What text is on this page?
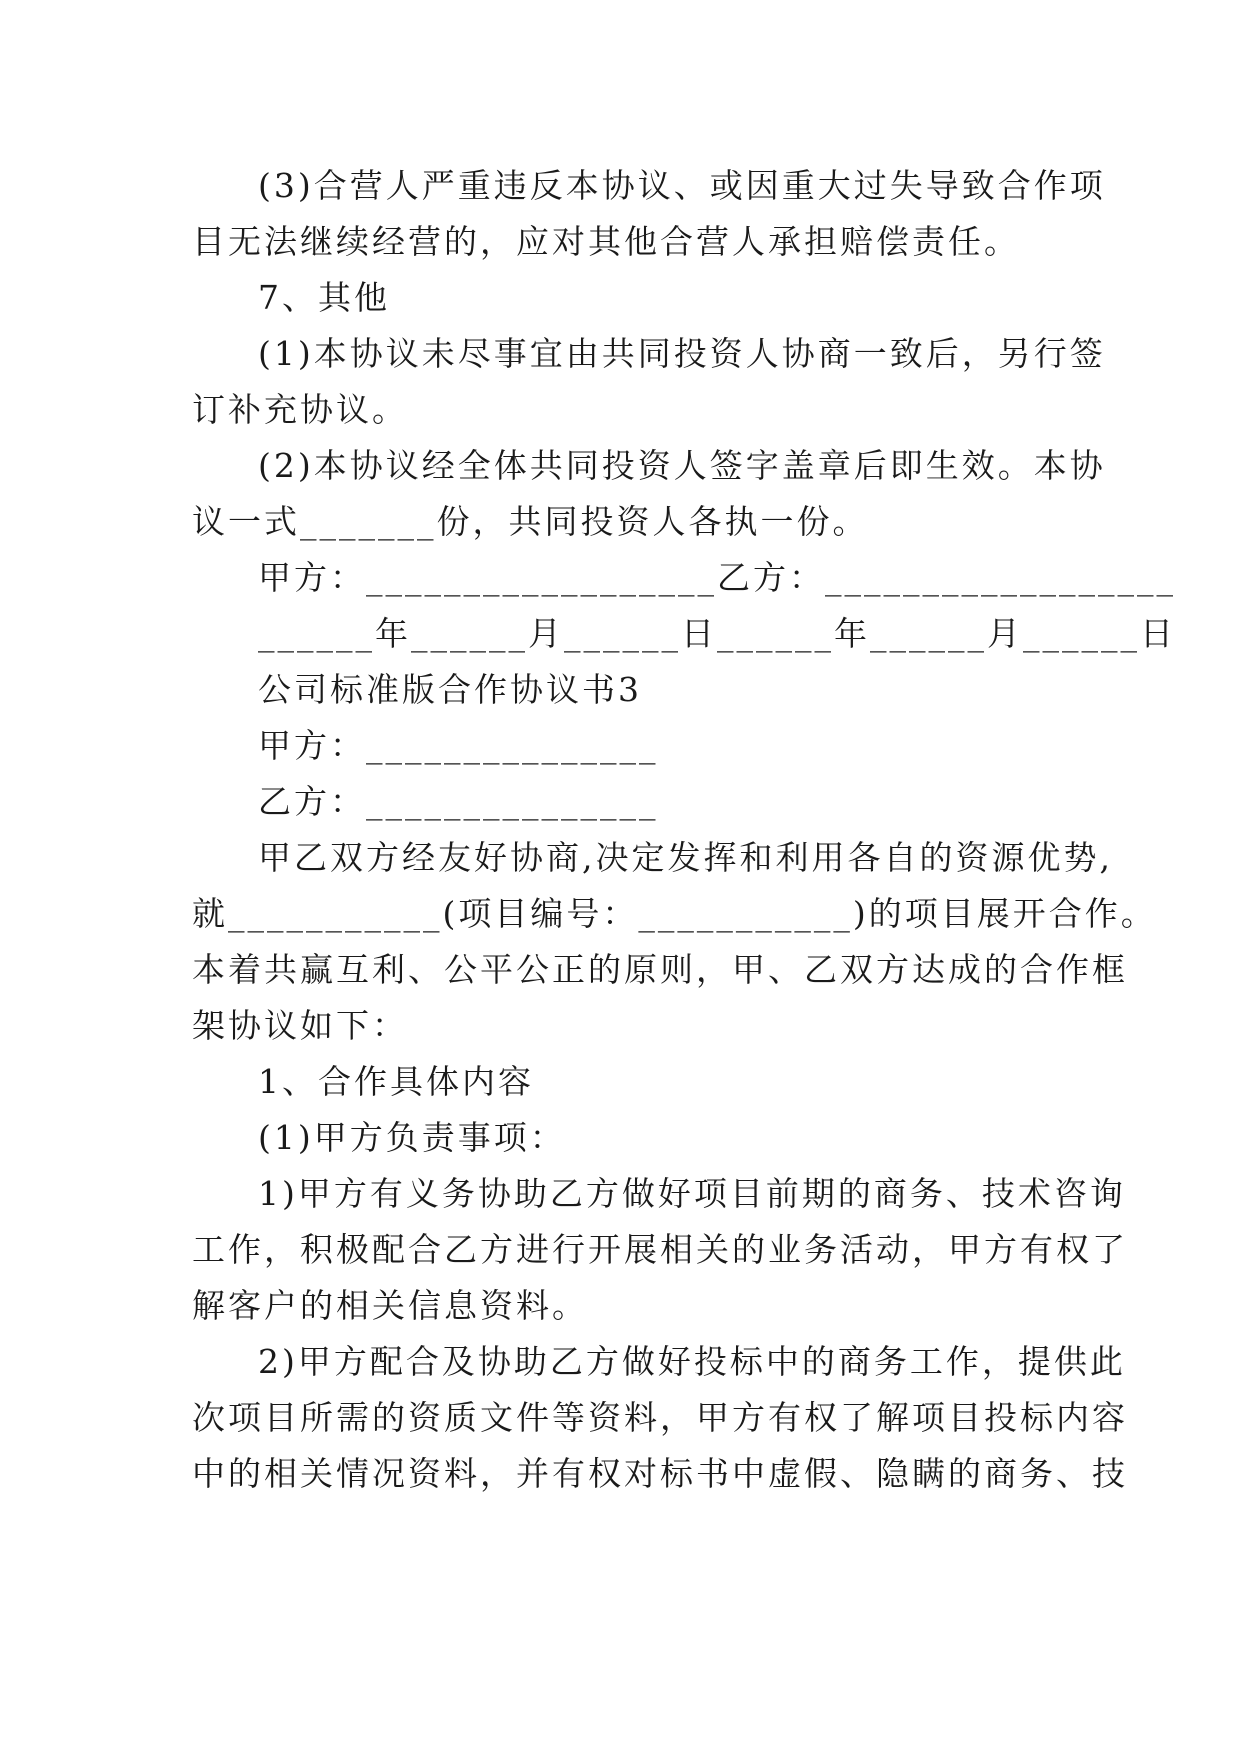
(3)合营人严重违反本协议、或因重大过失导致合作项
目无法继续经营的，应对其他合营人承担赔偿责任。
7、其他
(1)本协议未尽事宜由共同投资人协商一致后，另行签
订补充协议。
(2)本协议经全体共同投资人签字盖章后即生效。本协
议一式_______份，共同投资人各执一份。
甲方：__________________乙方：__________________
______年______月______日______年______月______日
公司标准版合作协议书3
甲方：_______________
乙方：_______________
甲乙双方经友好协商,决定发挥和利用各自的资源优势,
就___________(项目编号：___________)的项目展开合作。
本着共赢互利、公平公正的原则，甲、乙双方达成的合作框
架协议如下：
1、合作具体内容
(1)甲方负责事项：
1)甲方有义务协助乙方做好项目前期的商务、技术咨询
工作，积极配合乙方进行开展相关的业务活动，甲方有权了
解客户的相关信息资料。
2)甲方配合及协助乙方做好投标中的商务工作，提供此
次项目所需的资质文件等资料，甲方有权了解项目投标内容
中的相关情况资料，并有权对标书中虚假、隐瞒的商务、技
